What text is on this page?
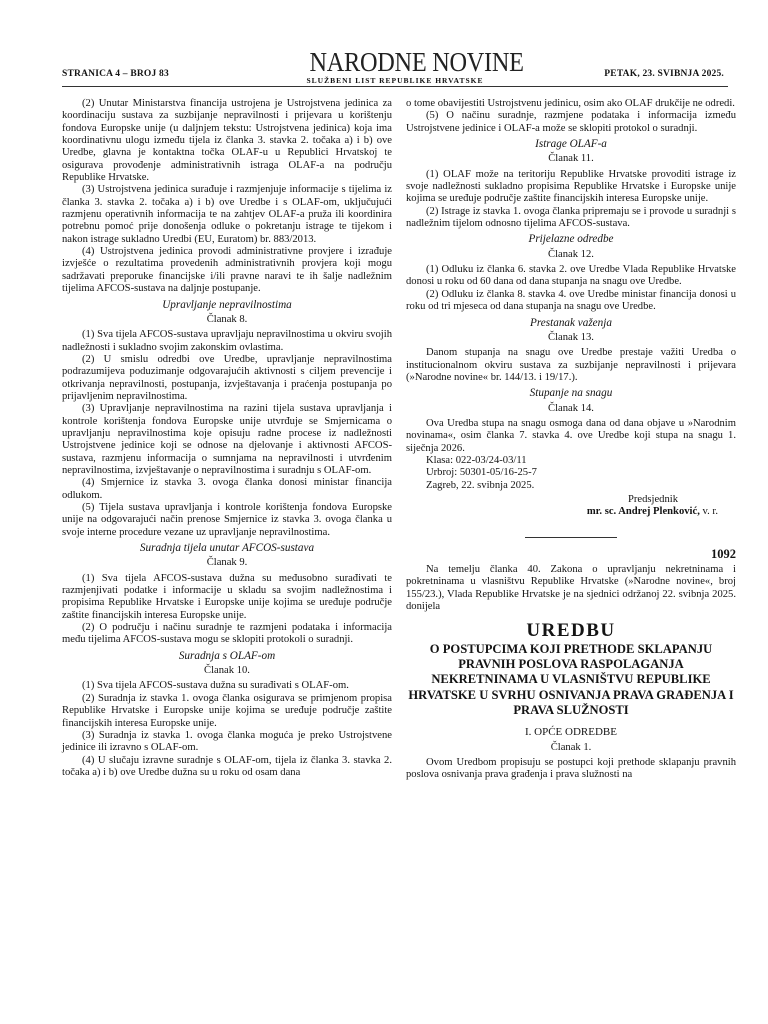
STRANICA 4 – BROJ 83	NARODNE NOVINE
SLUŽBENI LIST REPUBLIKE HRVATSKE
PETAK, 23. SVIBNJA 2025.

(2) Unutar Ministarstva financija ustrojena je Ustrojstvena jedinica za koordinaciju sustava za suzbijanje nepravilnosti i prijevara u korištenju fondova Europske unije (u daljnjem tekstu: Ustrojstvena jedinica) koja ima koordinativnu ulogu između tijela iz članka 3. stavka 2. točaka a) i b) ove Uredbe, glavna je kontaktna točka OLAF-u u Republici Hrvatskoj te osigurava provođenje administrativnih istraga OLAF-a na području Republike Hrvatske.

(3) Ustrojstvena jedinica surađuje i razmjenjuje informacije s tijelima iz članka 3. stavka 2. točaka a) i b) ove Uredbe i s OLAF-om, uključujući razmjenu operativnih informacija te na zahtjev OLAF-a pruža ili koordinira potrebnu pomoć prije donošenja odluke o pokretanju istrage te tijekom i nakon istrage sukladno Uredbi (EU, Euratom) br. 883/2013.

(4) Ustrojstvena jedinica provodi administrativne provjere i izrađuje izvješće o rezultatima provedenih administrativnih provjera koji mogu sadržavati preporuke financijske i/ili pravne naravi te ih šalje nadležnim tijelima AFCOS-sustava na daljnje postupanje.

Upravljanje nepravilnostima
Članak 8.

(1) Sva tijela AFCOS-sustava upravljaju nepravilnostima u okviru svojih nadležnosti i sukladno svojim zakonskim ovlastima.

(2) U smislu odredbi ove Uredbe, upravljanje nepravilnostima podrazumijeva poduzimanje odgovarajućih aktivnosti s ciljem prevencije i otkrivanja nepravilnosti, postupanja, izvještavanja i praćenja postupanja po prijavljenim nepravilnostima.

(3) Upravljanje nepravilnostima na razini tijela sustava upravljanja i kontrole korištenja fondova Europske unije utvrđuje se Smjernicama o upravljanju nepravilnostima koje opisuju radne procese iz nadležnosti Ustrojstvene jedinice koji se odnose na djelovanje i aktivnosti AFCOS-sustava, razmjenu informacija o sumnjama na nepravilnosti i utvrđenim nepravilnostima, izvještavanje o nepravilnostima i suradnju s OLAF-om.

(4) Smjernice iz stavka 3. ovoga članka donosi ministar financija odlukom.

(5) Tijela sustava upravljanja i kontrole korištenja fondova Europske unije na odgovarajući način prenose Smjernice iz stavka 3. ovoga članka u svoje interne procedure vezane uz upravljanje nepravilnostima.

Suradnja tijela unutar AFCOS-sustava
Članak 9.

(1) Sva tijela AFCOS-sustava dužna su međusobno surađivati te razmjenjivati podatke i informacije u skladu sa svojim nadležnostima i propisima Republike Hrvatske i Europske unije kojima se uređuje područje zaštite financijskih interesa Europske unije.

(2) O području i načinu suradnje te razmjeni podataka i informacija među tijelima AFCOS-sustava mogu se sklopiti protokoli o suradnji.

Suradnja s OLAF-om
Članak 10.

(1) Sva tijela AFCOS-sustava dužna su surađivati s OLAF-om.

(2) Suradnja iz stavka 1. ovoga članka osigurava se primjenom propisa Republike Hrvatske i Europske unije kojima se uređuje područje zaštite financijskih interesa Europske unije.

(3) Suradnja iz stavka 1. ovoga članka moguća je preko Ustrojstvene jedinice ili izravno s OLAF-om.

(4) U slučaju izravne suradnje s OLAF-om, tijela iz članka 3. stavka 2. točaka a) i b) ove Uredbe dužna su u roku od osam dana

o tome obavijestiti Ustrojstvenu jedinicu, osim ako OLAF drukčije ne odredi.

(5) O načinu suradnje, razmjene podataka i informacija između Ustrojstvene jedinice i OLAF-a može se sklopiti protokol o suradnji.

Istrage OLAF-a
Članak 11.

(1) OLAF može na teritoriju Republike Hrvatske provoditi istrage iz svoje nadležnosti sukladno propisima Republike Hrvatske i Europske unije kojima se uređuje područje zaštite financijskih interesa Europske unije.

(2) Istrage iz stavka 1. ovoga članka pripremaju se i provode u suradnji s nadležnim tijelom odnosno tijelima AFCOS-sustava.

Prijelazne odredbe
Članak 12.

(1) Odluku iz članka 6. stavka 2. ove Uredbe Vlada Republike Hrvatske donosi u roku od 60 dana od dana stupanja na snagu ove Uredbe.

(2) Odluku iz članka 8. stavka 4. ove Uredbe ministar financija donosi u roku od tri mjeseca od dana stupanja na snagu ove Uredbe.

Prestanak važenja
Članak 13.

Danom stupanja na snagu ove Uredbe prestaje važiti Uredba o institucionalnom okviru sustava za suzbijanje nepravilnosti i prijevara (»Narodne novine« br. 144/13. i 19/17.).

Stupanje na snagu
Članak 14.

Ova Uredba stupa na snagu osmoga dana od dana objave u »Narodnim novinama«, osim članka 7. stavka 4. ove Uredbe koji stupa na snagu 1. siječnja 2026.

Klasa: 022-03/24-03/11
Urbroj: 50301-05/16-25-7
Zagreb, 22. svibnja 2025.
Predsjednik
mr. sc. Andrej Plenković, v. r.
1092

Na temelju članka 40. Zakona o upravljanju nekretninama i pokretninama u vlasništvu Republike Hrvatske (»Narodne novine«, broj 155/23.), Vlada Republike Hrvatske je na sjednici održanoj 22. svibnja 2025. donijela

UREDBU
O POSTUPCIMA KOJI PRETHODE SKLAPANJU PRAVNIH POSLOVA RASPOLAGANJA NEKRETNINAMA U VLASNIŠTVU REPUBLIKE HRVATSKE U SVRHU OSNIVANJA PRAVA GRAĐENJA I PRAVA SLUŽNOSTI
I. OPĆE ODREDBE
Članak 1.

Ovom Uredbom propisuju se postupci koji prethode sklapanju pravnih poslova osnivanja prava građenja i prava služnosti na
